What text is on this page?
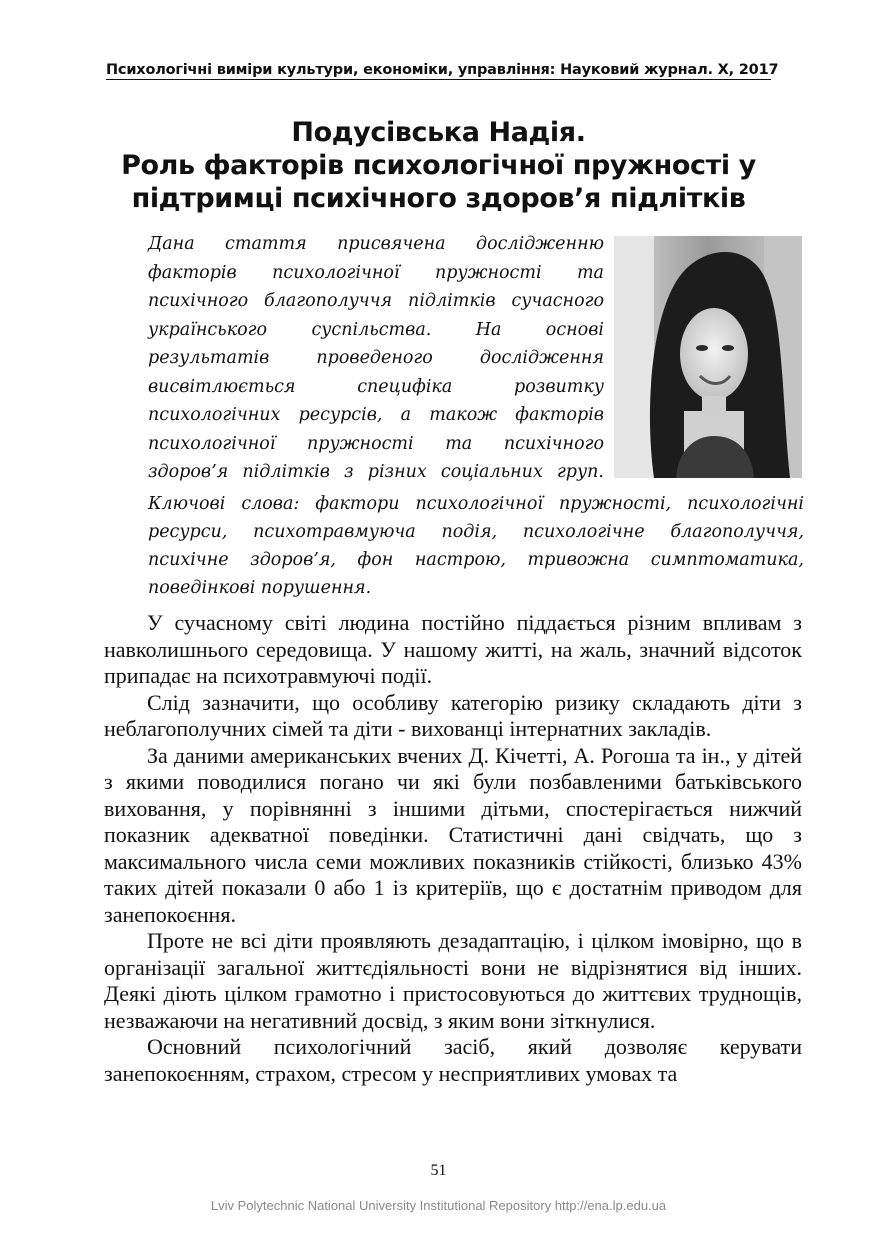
Психологічні виміри культури, економіки, управління: Науковий журнал. Х, 2017
Подусівська Надія.
Роль факторів психологічної пружності у
підтримці психічного здоров’я підлітків
Дана стаття присвячена дослідженню факторів психологічної пружності та психічного благополуччя підлітків сучасного українського суспільства. На основі результатів проведеного дослідження висвітлюється специфіка розвитку психологічних ресурсів, а також факторів психологічної пружності та психічного здоров’я підлітків з різних соціальних груп.
Ключові слова: фактори психологічної пружності, психологічні ресурси, психотравмуюча подія, психологічне благополуччя, психічне здоров’я, фон настрою, тривожна симптоматика, поведінкові порушення.

У сучасному світі людина постійно піддається різним впливам з навколишнього середовища. У нашому житті, на жаль, значний відсоток припадає на психотравмуючі події.

Слід зазначити, що особливу категорію ризику складають діти з неблагополучних сімей та діти - вихованці інтернатних закладів.

За даними американських вчених Д. Кічетті, А. Рогоша та ін., у дітей з якими поводилися погано чи які були позбавленими батьківського виховання, у порівнянні з іншими дітьми, спостерігається нижчий показник адекватної поведінки. Статистичні дані свідчать, що з максимального числа семи можливих показників стійкості, близько 43% таких дітей показали 0 або 1 із критеріїв, що є достатнім приводом для занепокоєння.

Проте не всі діти проявляють дезадаптацію, і цілком імовірно, що в організації загальної життєдіяльності вони не відрізнятися від інших. Деякі діють цілком грамотно і пристосовуються до життєвих труднощів, незважаючи на негативний досвід, з яким вони зіткнулися.

Основний психологічний засіб, який дозволяє керувати занепокоєнням, страхом, стресом у несприятливих умовах та

51
Lviv Polytechnic National University Institutional Repository http://ena.lp.edu.ua
